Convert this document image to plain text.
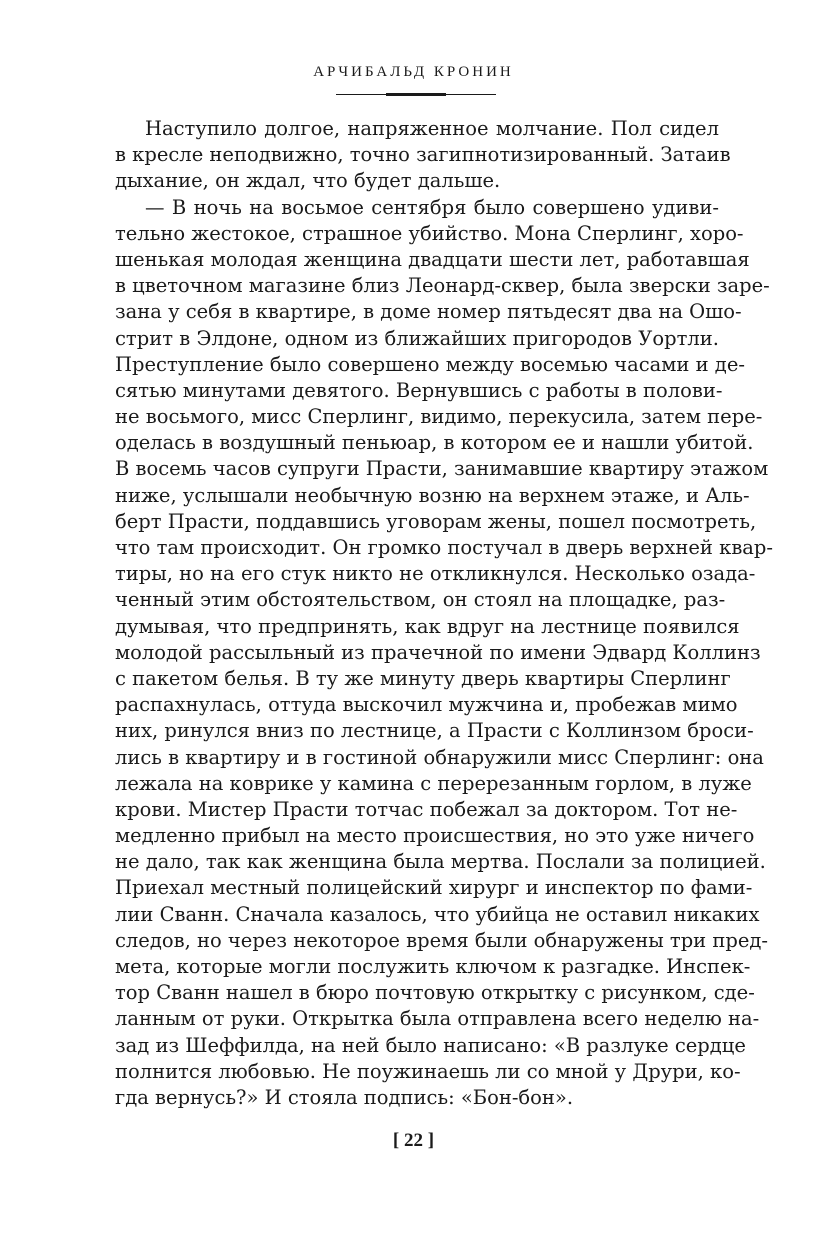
АРЧИБАЛЬД КРОНИН
Наступило долгое, напряженное молчание. Пол сидел
в кресле неподвижно, точно загипнотизированный. Затаив
дыхание, он ждал, что будет дальше.
— В ночь на восьмое сентября было совершено удиви-
тельно жестокое, страшное убийство. Мона Сперлинг, хоро-
шенькая молодая женщина двадцати шести лет, работавшая
в цветочном магазине близ Леонард-сквер, была зверски заре-
зана у себя в квартире, в доме номер пятьдесят два на Ошо-
стрит в Элдоне, одном из ближайших пригородов Уортли.
Преступление было совершено между восемью часами и де-
сятью минутами девятого. Вернувшись с работы в полови-
не восьмого, мисс Сперлинг, видимо, перекусила, затем пере-
оделась в воздушный пеньюар, в котором ее и нашли убитой.
В восемь часов супруги Прасти, занимавшие квартиру этажом
ниже, услышали необычную возню на верхнем этаже, и Аль-
берт Прасти, поддавшись уговорам жены, пошел посмотреть,
что там происходит. Он громко постучал в дверь верхней квар-
тиры, но на его стук никто не откликнулся. Несколько озада-
ченный этим обстоятельством, он стоял на площадке, раз-
думывая, что предпринять, как вдруг на лестнице появился
молодой рассыльный из прачечной по имени Эдвард Коллинз
с пакетом белья. В ту же минуту дверь квартиры Сперлинг
распахнулась, оттуда выскочил мужчина и, пробежав мимо
них, ринулся вниз по лестнице, а Прасти с Коллинзом броси-
лись в квартиру и в гостиной обнаружили мисс Сперлинг: она
лежала на коврике у камина с перерезанным горлом, в луже
крови. Мистер Прасти тотчас побежал за доктором. Тот не-
медленно прибыл на место происшествия, но это уже ничего
не дало, так как женщина была мертва. Послали за полицией.
Приехал местный полицейский хирург и инспектор по фами-
лии Сванн. Сначала казалось, что убийца не оставил никаких
следов, но через некоторое время были обнаружены три пред-
мета, которые могли послужить ключом к разгадке. Инспек-
тор Сванн нашел в бюро почтовую открытку с рисунком, сде-
ланным от руки. Открытка была отправлена всего неделю на-
зад из Шеффилда, на ней было написано: «В разлуке сердце
полнится любовью. Не поужинаешь ли со мной у Друри, ко-
гда вернусь?» И стояла подпись: «Бон-бон».
[ 22 ]
